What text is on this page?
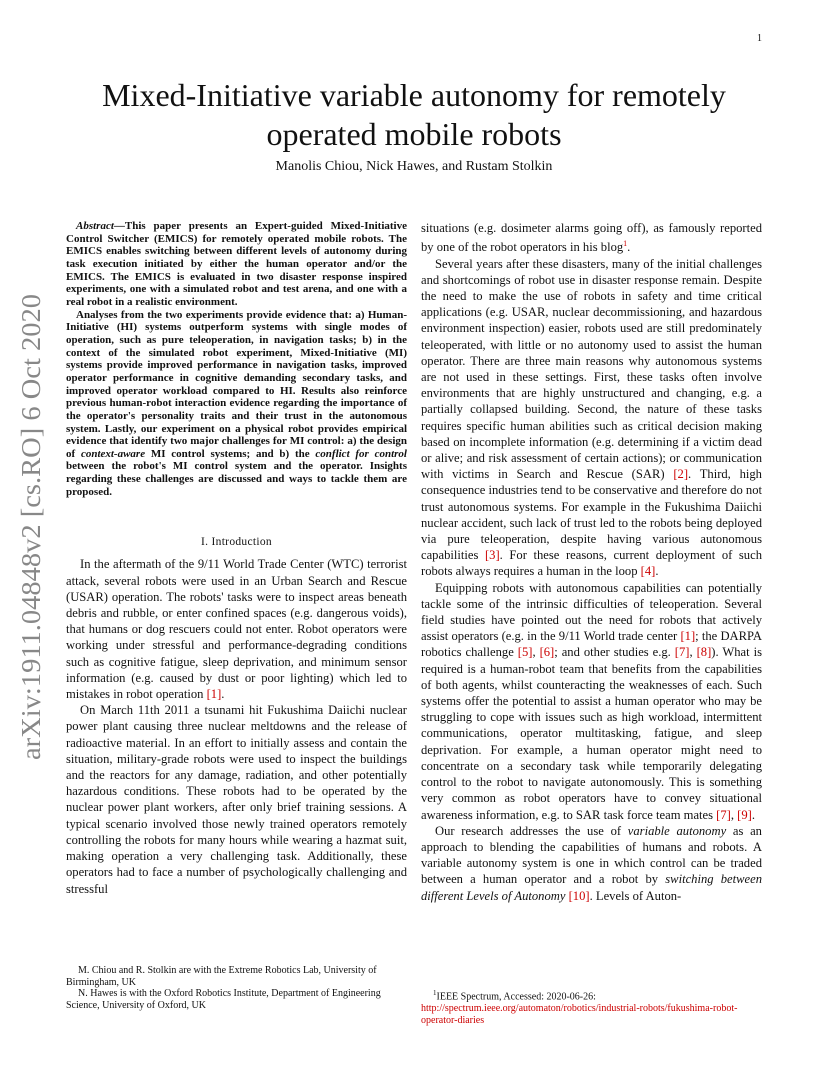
1
arXiv:1911.04848v2 [cs.RO] 6 Oct 2020
Mixed-Initiative variable autonomy for remotely
operated mobile robots
Manolis Chiou, Nick Hawes, and Rustam Stolkin

Abstract—This paper presents an Expert-guided Mixed-Initiative Control Switcher (EMICS) for remotely operated mobile robots. The EMICS enables switching between different levels of autonomy during task execution initiated by either the human operator and/or the EMICS. The EMICS is evaluated in two disaster response inspired experiments, one with a simulated robot and test arena, and one with a real robot in a realistic environment.

Analyses from the two experiments provide evidence that: a) Human-Initiative (HI) systems outperform systems with single modes of operation, such as pure teleoperation, in navigation tasks; b) in the context of the simulated robot experiment, Mixed-Initiative (MI) systems provide improved performance in navigation tasks, improved operator performance in cognitive demanding secondary tasks, and improved operator workload compared to HI. Results also reinforce previous human-robot interaction evidence regarding the importance of the operator's personality traits and their trust in the autonomous system. Lastly, our experiment on a physical robot provides empirical evidence that identify two major challenges for MI control: a) the design of context-aware MI control systems; and b) the conflict for control between the robot's MI control system and the operator. Insights regarding these challenges are discussed and ways to tackle them are proposed.

I. Introduction

In the aftermath of the 9/11 World Trade Center (WTC) terrorist attack, several robots were used in an Urban Search and Rescue (USAR) operation. The robots' tasks were to inspect areas beneath debris and rubble, or enter confined spaces (e.g. dangerous voids), that humans or dog rescuers could not enter. Robot operators were working under stressful and performance-degrading conditions such as cognitive fatigue, sleep deprivation, and minimum sensor information (e.g. caused by dust or poor lighting) which led to mistakes in robot operation [1].

On March 11th 2011 a tsunami hit Fukushima Daiichi nuclear power plant causing three nuclear meltdowns and the release of radioactive material. In an effort to initially assess and contain the situation, military-grade robots were used to inspect the buildings and the reactors for any damage, radiation, and other potentially hazardous conditions. These robots had to be operated by the nuclear power plant workers, after only brief training sessions. A typical scenario involved those newly trained operators remotely controlling the robots for many hours while wearing a hazmat suit, making operation a very challenging task. Additionally, these operators had to face a number of psychologically challenging and stressful

M. Chiou and R. Stolkin are with the Extreme Robotics Lab, University of Birmingham, UK

N. Hawes is with the Oxford Robotics Institute, Department of Engineering Science, University of Oxford, UK

situations (e.g. dosimeter alarms going off), as famously reported by one of the robot operators in his blog$^1$.

Several years after these disasters, many of the initial challenges and shortcomings of robot use in disaster response remain. Despite the need to make the use of robots in safety and time critical applications (e.g. USAR, nuclear decommissioning, and hazardous environment inspection) easier, robots used are still predominately teleoperated, with little or no autonomy used to assist the human operator. There are three main reasons why autonomous systems are not used in these settings. First, these tasks often involve environments that are highly unstructured and changing, e.g. a partially collapsed building. Second, the nature of these tasks requires specific human abilities such as critical decision making based on incomplete information (e.g. determining if a victim dead or alive; and risk assessment of certain actions); or communication with victims in Search and Rescue (SAR) [2]. Third, high consequence industries tend to be conservative and therefore do not trust autonomous systems. For example in the Fukushima Daiichi nuclear accident, such lack of trust led to the robots being deployed via pure teleoperation, despite having various autonomous capabilities [3]. For these reasons, current deployment of such robots always requires a human in the loop [4].

Equipping robots with autonomous capabilities can potentially tackle some of the intrinsic difficulties of teleoperation. Several field studies have pointed out the need for robots that actively assist operators (e.g. in the 9/11 World trade center [1]; the DARPA robotics challenge [5], [6]; and other studies e.g. [7], [8]). What is required is a human-robot team that benefits from the capabilities of both agents, whilst counteracting the weaknesses of each. Such systems offer the potential to assist a human operator who may be struggling to cope with issues such as high workload, intermittent communications, operator multitasking, fatigue, and sleep deprivation. For example, a human operator might need to concentrate on a secondary task while temporarily delegating control to the robot to navigate autonomously. This is something very common as robot operators have to convey situational awareness information, e.g. to SAR task force team mates [7], [9].

Our research addresses the use of variable autonomy as an approach to blending the capabilities of humans and robots. A variable autonomy system is one in which control can be traded between a human operator and a robot by switching between different Levels of Autonomy [10]. Levels of Auton-

$^1$IEEE Spectrum, Accessed: 2020-06-26: http://spectrum.ieee.org/automaton/robotics/industrial-robots/fukushima-robot-operator-diaries
